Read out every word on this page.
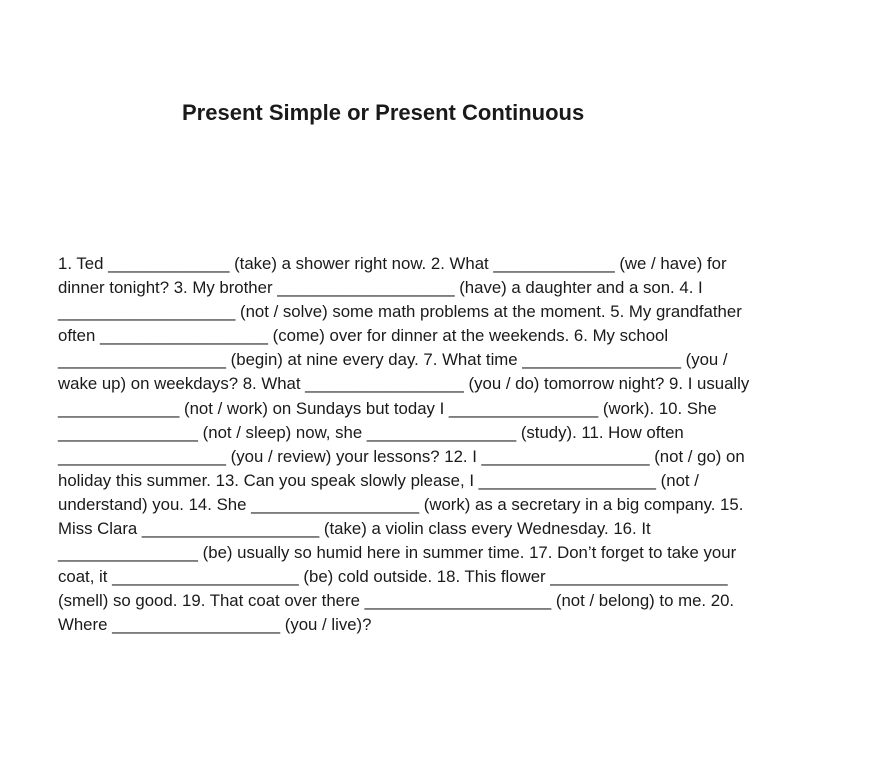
Present Simple or Present Continuous
1. Ted _____________ (take) a shower right now. 2. What _____________ (we / have) for
dinner tonight? 3. My brother ___________________ (have) a daughter and a son. 4. I
___________________ (not / solve) some math problems at the moment. 5. My grandfather
often __________________ (come) over for dinner at the weekends. 6. My school
__________________ (begin) at nine every day. 7. What time _________________ (you /
wake up) on weekdays? 8. What _________________ (you / do) tomorrow night? 9. I usually
_____________ (not / work) on Sundays but today I ________________ (work). 10. She
_______________ (not / sleep) now, she ________________ (study). 11. How often
__________________ (you / review) your lessons? 12. I __________________ (not / go) on
holiday this summer. 13. Can you speak slowly please, I ___________________ (not /
understand) you. 14. She __________________ (work) as a secretary in a big company. 15.
Miss Clara ___________________ (take) a violin class every Wednesday. 16. It
_______________ (be) usually so humid here in summer time. 17. Don’t forget to take your
coat, it ____________________ (be) cold outside. 18. This flower ___________________
(smell) so good. 19. That coat over there ____________________ (not / belong) to me. 20.
Where __________________ (you / live)?
